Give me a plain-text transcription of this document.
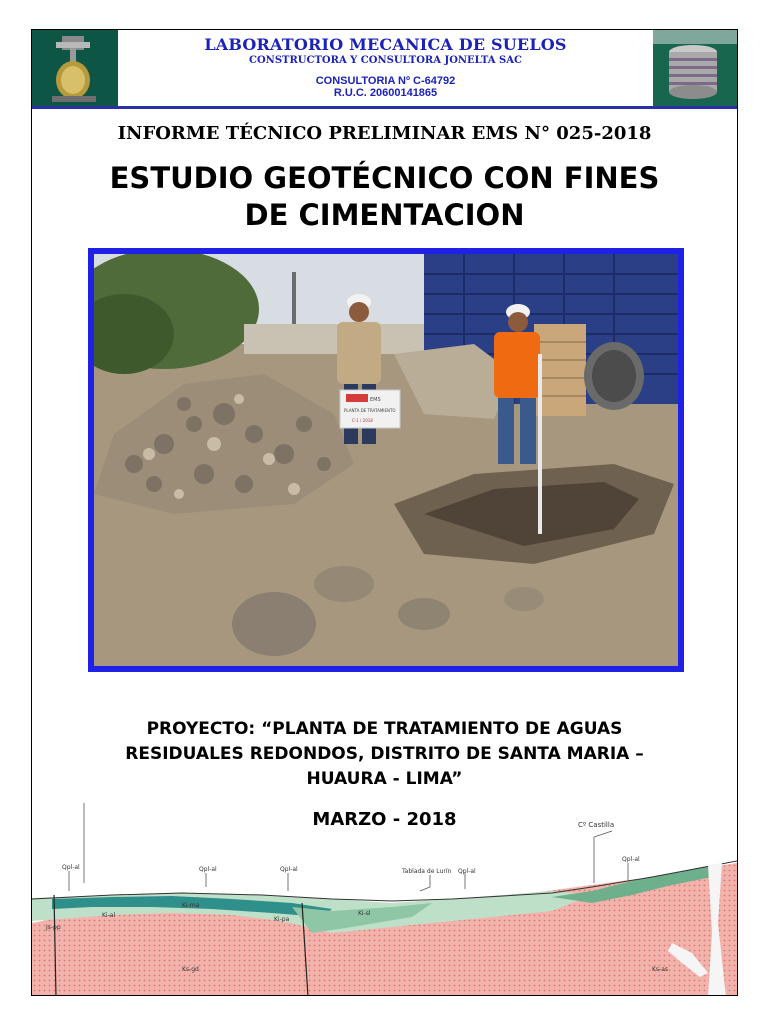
LABORATORIO MECANICA DE SUELOS
CONSTRUCTORA Y CONSULTORA JONELTA SAC
CONSULTORIA Nº C-64792
R.U.C. 20600141865
INFORME TÉCNICO PRELIMINAR EMS N° 025-2018
ESTUDIO GEOTÉCNICO CON FINES
DE CIMENTACION
EMS
PLANTA DE TRATAMIENTO
C-1 / 2018
PROYECTO: “PLANTA DE TRATAMIENTO DE AGUAS
RESIDUALES REDONDOS, DISTRITO DE SANTA MARIA –
HUAURA - LIMA”
MARZO - 2018
Qpl-al	Qpl-al	Qpl-al	Qpl-al
Qpl-al
Tablada de Lurín
Cº Castilla
Js-pp
Ki-ma
Ki-al
Ki-pa
Ki-sl
Ks-gd	Ks-as
